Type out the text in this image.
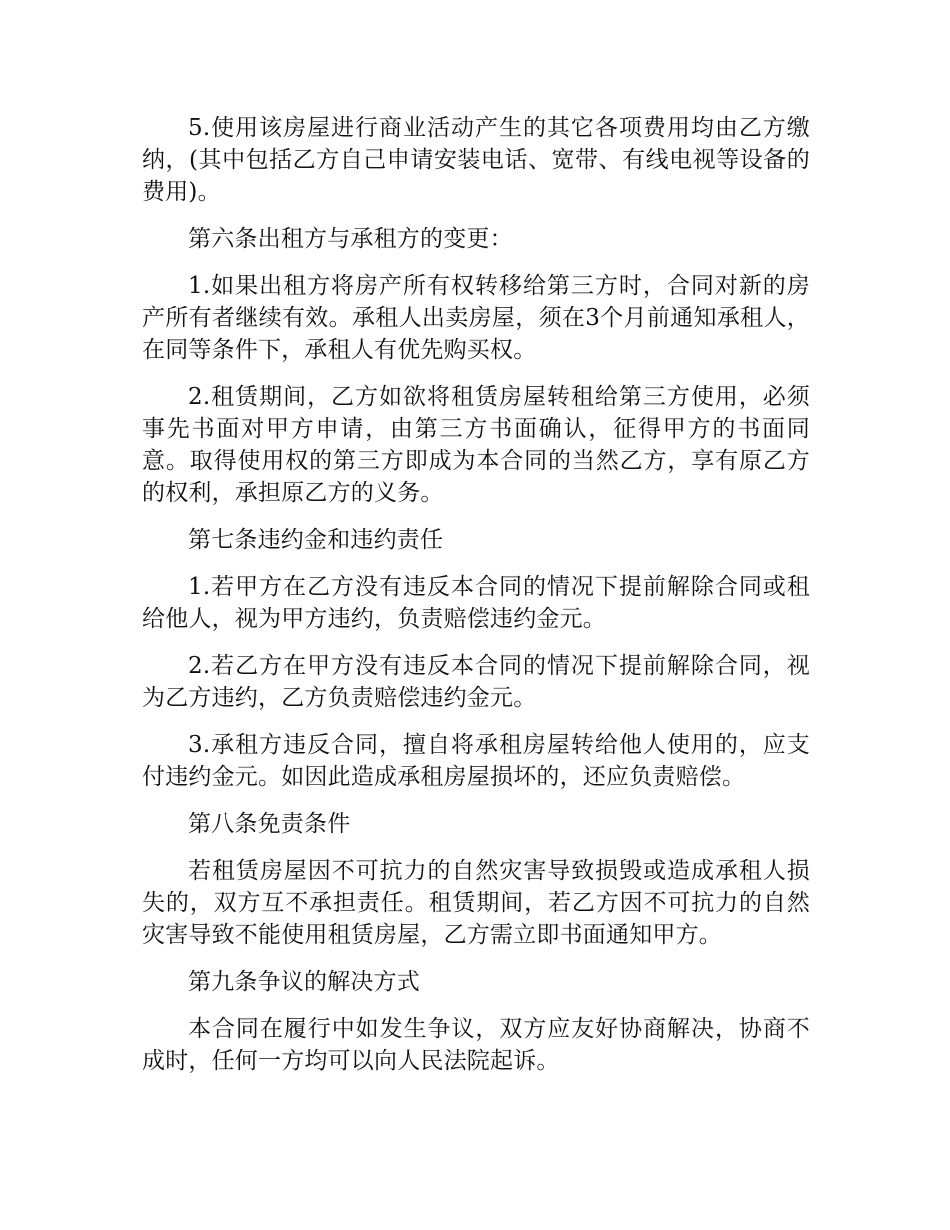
5.使用该房屋进行商业活动产生的其它各项费用均由乙方缴纳，(其中包括乙方自己申请安装电话、宽带、有线电视等设备的费用)。

第六条出租方与承租方的变更：

1.如果出租方将房产所有权转移给第三方时，合同对新的房产所有者继续有效。承租人出卖房屋，须在3个月前通知承租人，在同等条件下，承租人有优先购买权。

2.租赁期间，乙方如欲将租赁房屋转租给第三方使用，必须事先书面对甲方申请，由第三方书面确认，征得甲方的书面同意。取得使用权的第三方即成为本合同的当然乙方，享有原乙方的权利，承担原乙方的义务。

第七条违约金和违约责任

1.若甲方在乙方没有违反本合同的情况下提前解除合同或租给他人，视为甲方违约，负责赔偿违约金元。

2.若乙方在甲方没有违反本合同的情况下提前解除合同，视为乙方违约，乙方负责赔偿违约金元。

3.承租方违反合同，擅自将承租房屋转给他人使用的，应支付违约金元。如因此造成承租房屋损坏的，还应负责赔偿。

第八条免责条件

若租赁房屋因不可抗力的自然灾害导致损毁或造成承租人损失的，双方互不承担责任。租赁期间，若乙方因不可抗力的自然灾害导致不能使用租赁房屋，乙方需立即书面通知甲方。

第九条争议的解决方式

本合同在履行中如发生争议，双方应友好协商解决，协商不成时，任何一方均可以向人民法院起诉。
